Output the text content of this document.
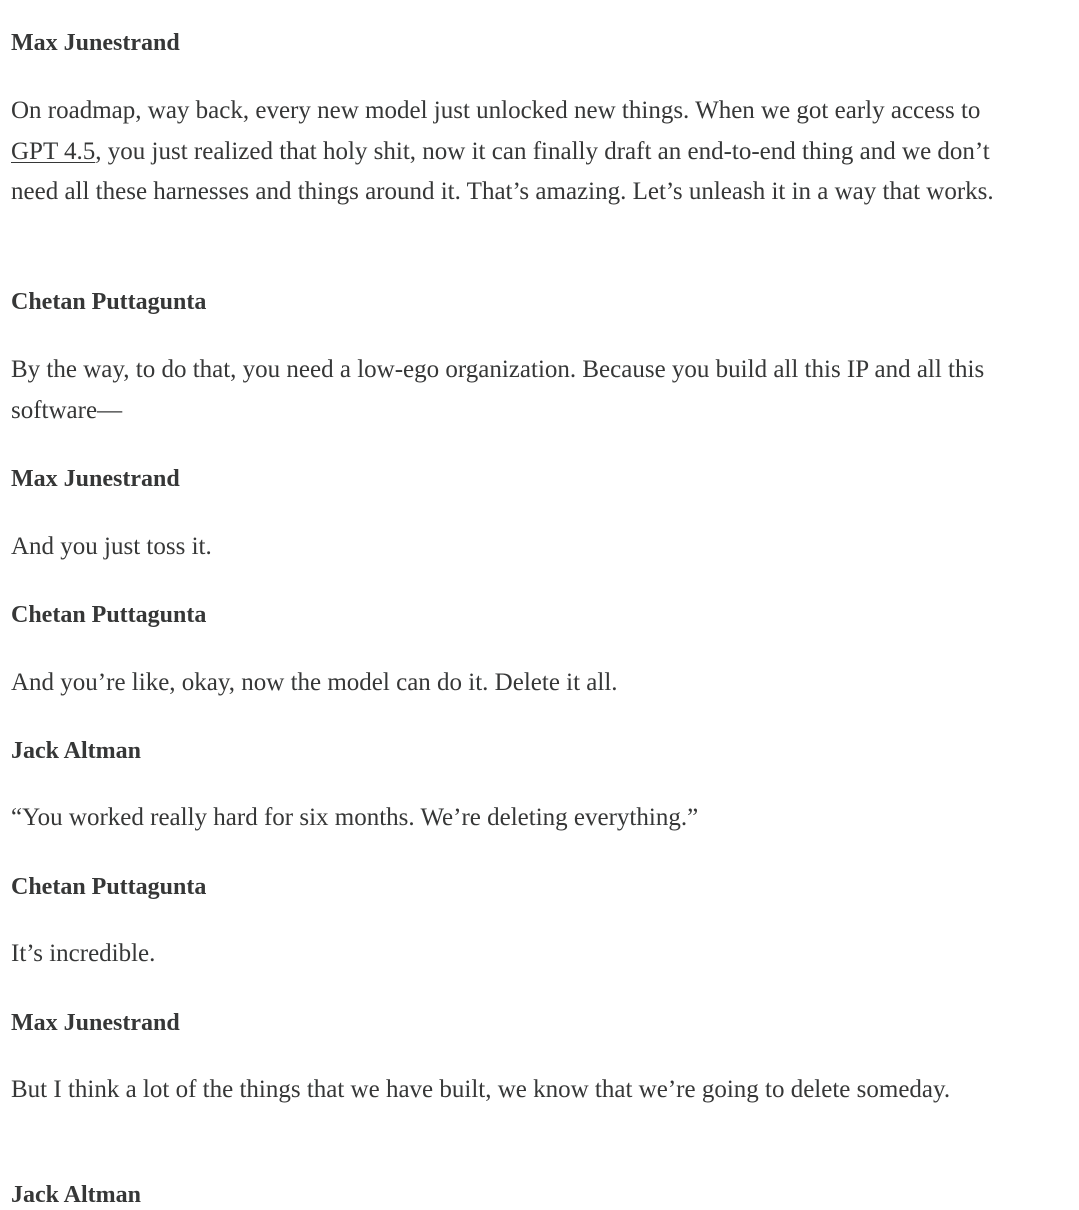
Max Junestrand

On roadmap, way back, every new model just unlocked new things. When we got early access to GPT 4.5, you just realized that holy shit, now it can finally draft an end-to-end thing and we don’t need all these harnesses and things around it. That’s amazing. Let’s unleash it in a way that works.

Chetan Puttagunta

By the way, to do that, you need a low-ego organization. Because you build all this IP and all this software—

Max Junestrand

And you just toss it.

Chetan Puttagunta

And you’re like, okay, now the model can do it. Delete it all.

Jack Altman

“You worked really hard for six months. We’re deleting everything.”

Chetan Puttagunta

It’s incredible.

Max Junestrand

But I think a lot of the things that we have built, we know that we’re going to delete someday.

Jack Altman
